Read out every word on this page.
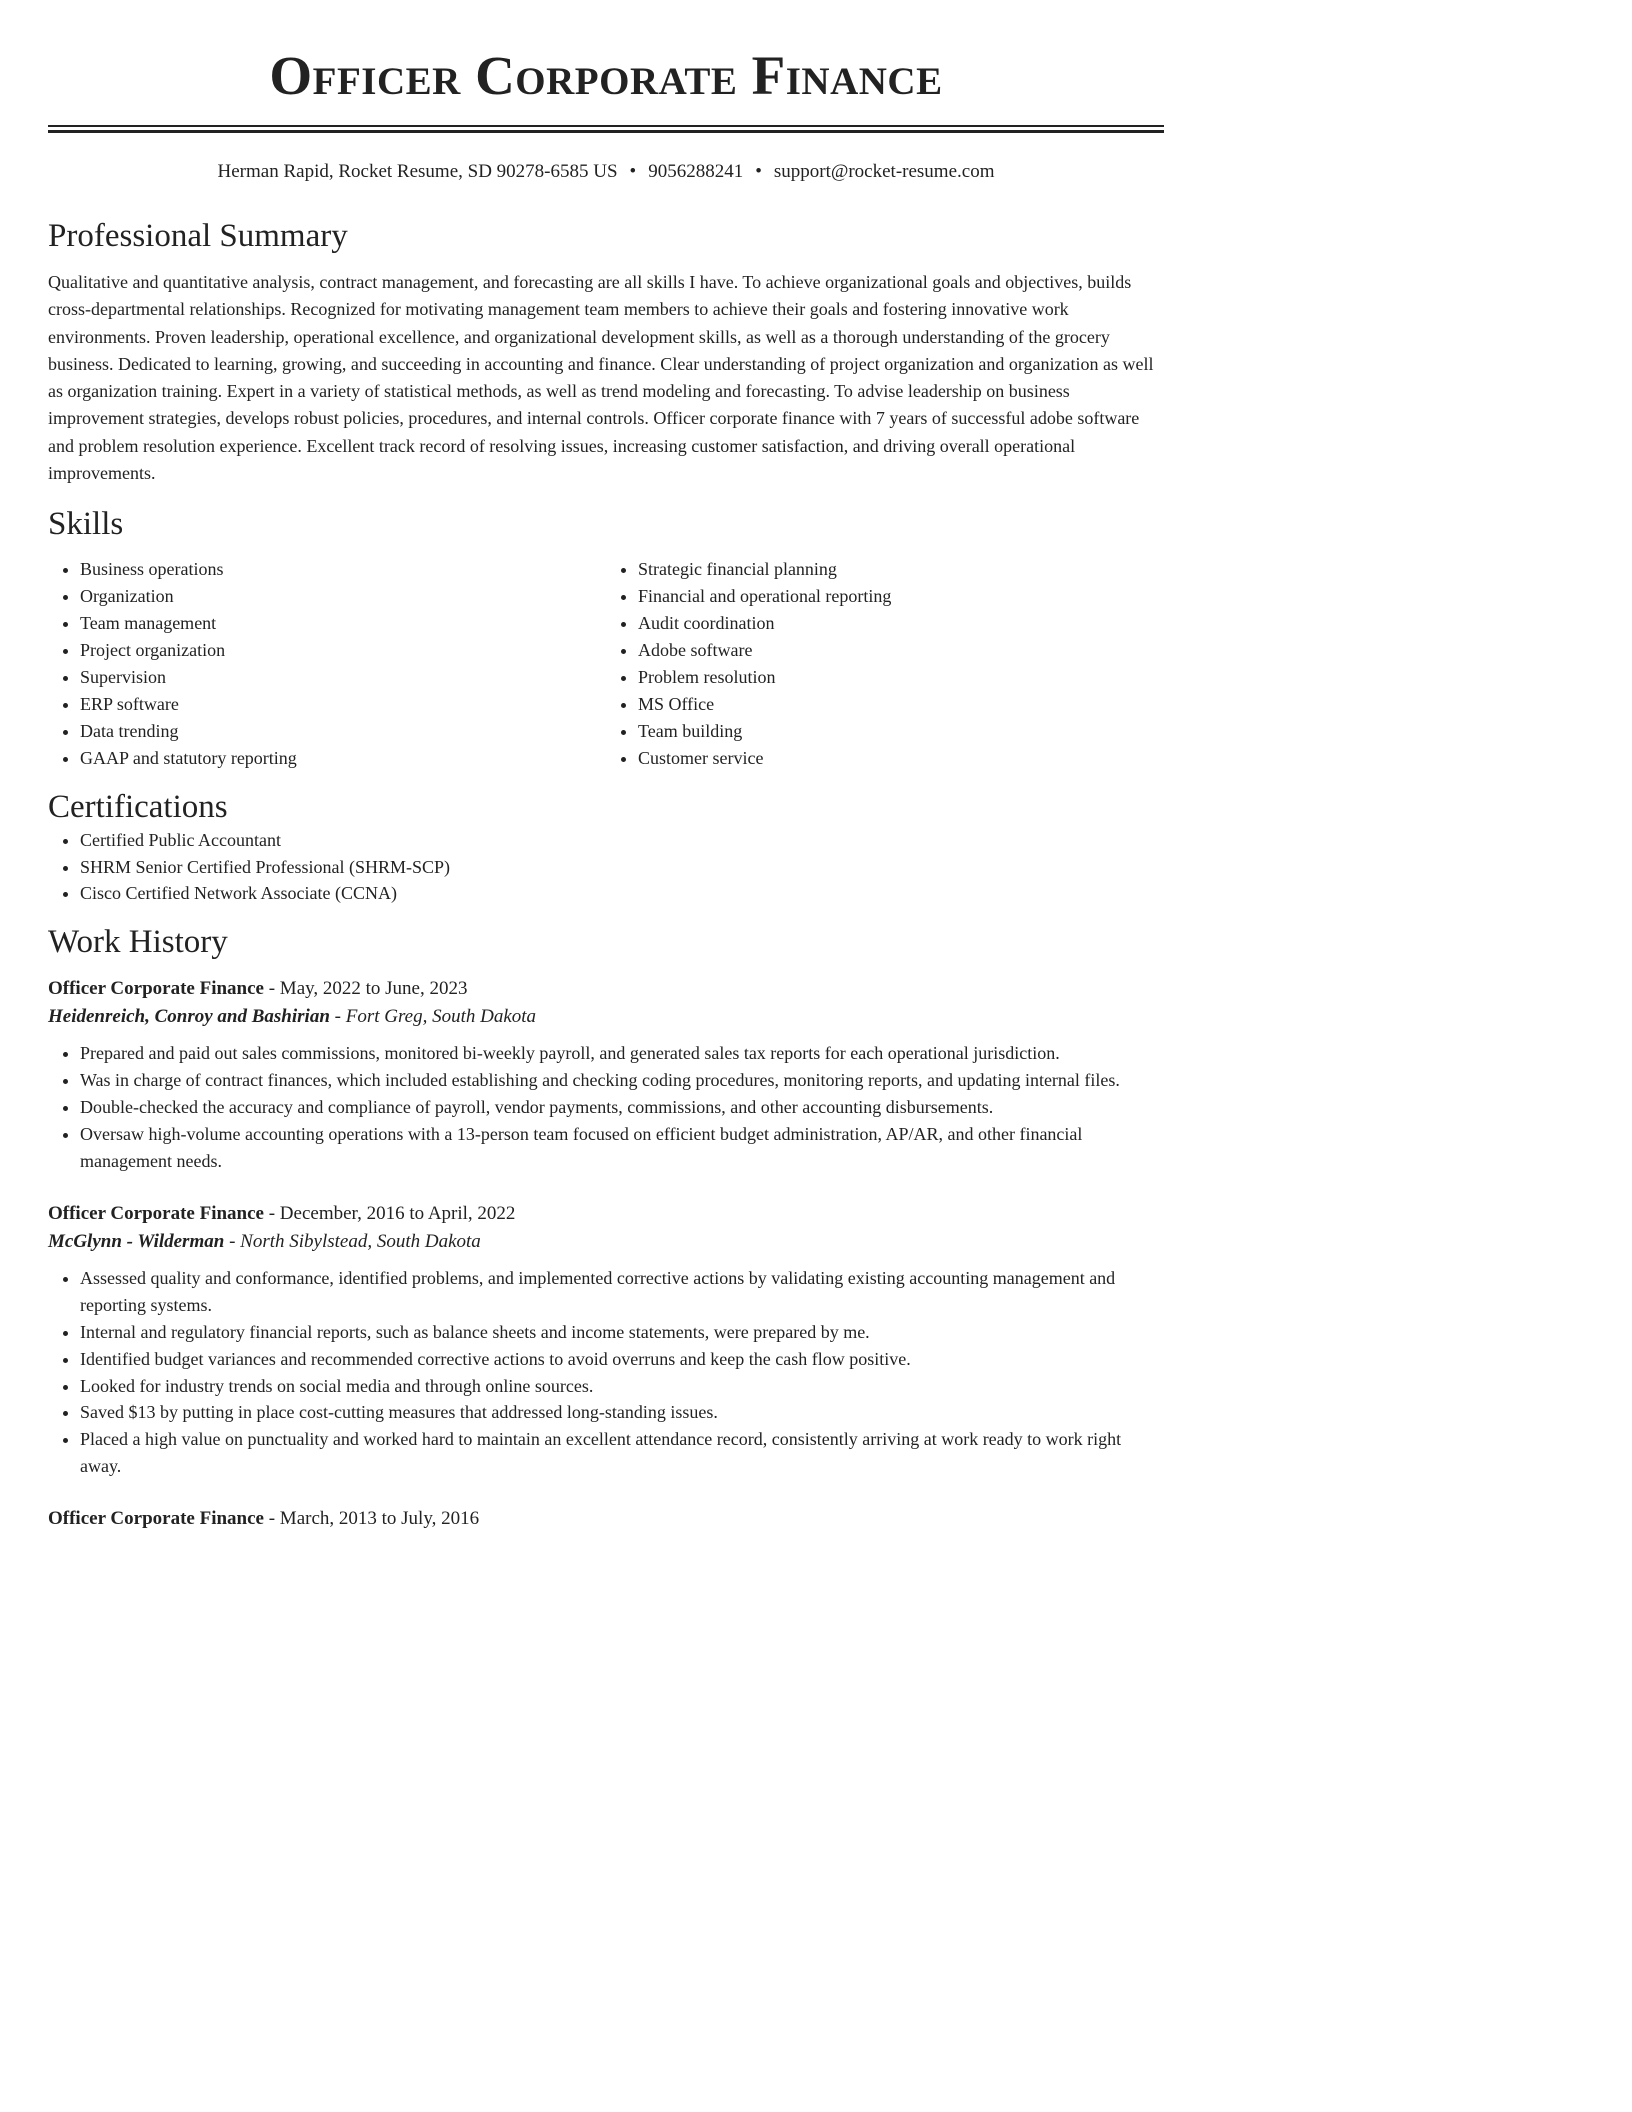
Officer Corporate Finance
Herman Rapid, Rocket Resume, SD 90278-6585 US • 9056288241 • support@rocket-resume.com
Professional Summary

Qualitative and quantitative analysis, contract management, and forecasting are all skills I have. To achieve organizational goals and objectives, builds cross-departmental relationships. Recognized for motivating management team members to achieve their goals and fostering innovative work environments. Proven leadership, operational excellence, and organizational development skills, as well as a thorough understanding of the grocery business. Dedicated to learning, growing, and succeeding in accounting and finance. Clear understanding of project organization and organization as well as organization training. Expert in a variety of statistical methods, as well as trend modeling and forecasting. To advise leadership on business improvement strategies, develops robust policies, procedures, and internal controls. Officer corporate finance with 7 years of successful adobe software and problem resolution experience. Excellent track record of resolving issues, increasing customer satisfaction, and driving overall operational improvements.

Skills
• Business operations
• Organization
• Team management
• Project organization
• Supervision
• ERP software
• Data trending
• GAAP and statutory reporting
• Strategic financial planning
• Financial and operational reporting
• Audit coordination
• Adobe software
• Problem resolution
• MS Office
• Team building
• Customer service
Certifications
• Certified Public Accountant
• SHRM Senior Certified Professional (SHRM-SCP)
• Cisco Certified Network Associate (CCNA)
Work History
Officer Corporate Finance - May, 2022 to June, 2023
Heidenreich, Conroy and Bashirian - Fort Greg, South Dakota
• Prepared and paid out sales commissions, monitored bi-weekly payroll, and generated sales tax reports for each operational jurisdiction.
• Was in charge of contract finances, which included establishing and checking coding procedures, monitoring reports, and updating internal files.
• Double-checked the accuracy and compliance of payroll, vendor payments, commissions, and other accounting disbursements.
• Oversaw high-volume accounting operations with a 13-person team focused on efficient budget administration, AP/AR, and other financial management needs.
Officer Corporate Finance - December, 2016 to April, 2022
McGlynn - Wilderman - North Sibylstead, South Dakota
• Assessed quality and conformance, identified problems, and implemented corrective actions by validating existing accounting management and reporting systems.
• Internal and regulatory financial reports, such as balance sheets and income statements, were prepared by me.
• Identified budget variances and recommended corrective actions to avoid overruns and keep the cash flow positive.
• Looked for industry trends on social media and through online sources.
• Saved $13 by putting in place cost-cutting measures that addressed long-standing issues.
• Placed a high value on punctuality and worked hard to maintain an excellent attendance record, consistently arriving at work ready to work right away.
Officer Corporate Finance - March, 2013 to July, 2016
